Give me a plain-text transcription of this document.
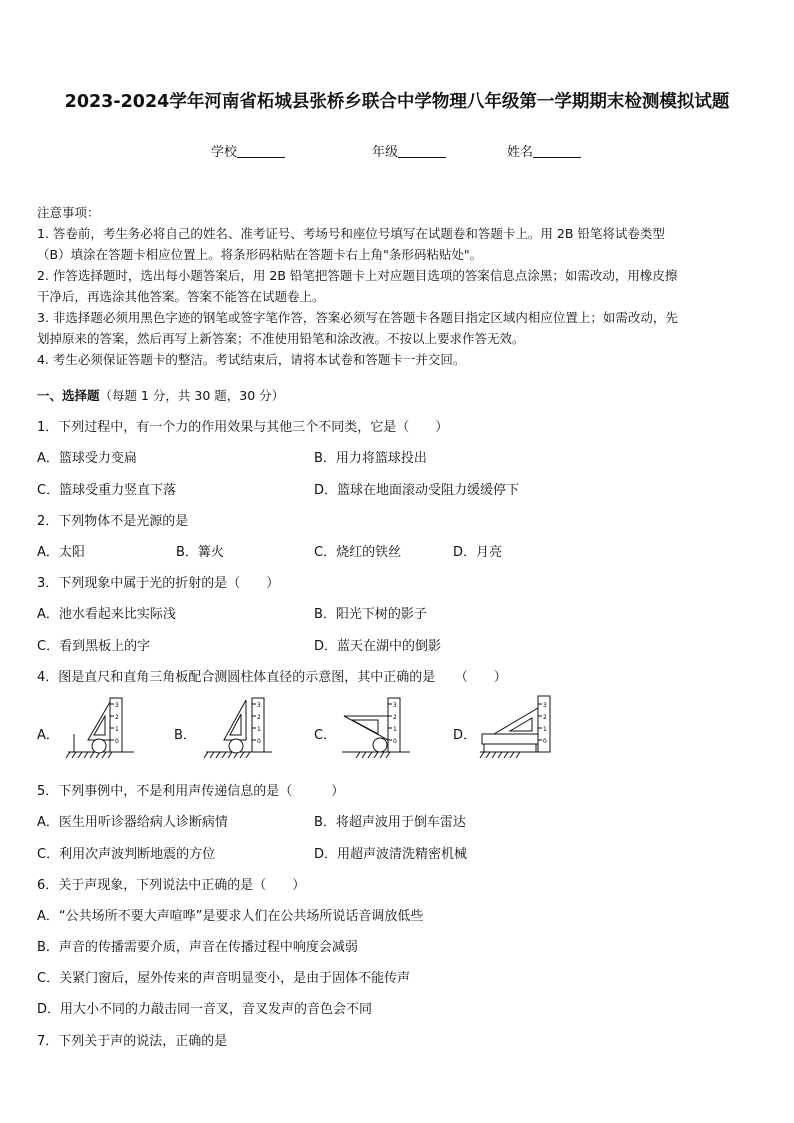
2023-2024学年河南省柘城县张桥乡联合中学物理八年级第一学期期末检测模拟试题
学校	年级	姓名

注意事项：

1. 答卷前，考生务必将自己的姓名、准考证号、考场号和座位号填写在试题卷和答题卡上。用 2B 铅笔将试卷类型

（B）填涂在答题卡相应位置上。将条形码粘贴在答题卡右上角"条形码粘贴处"。

2. 作答选择题时，选出每小题答案后，用 2B 铅笔把答题卡上对应题目选项的答案信息点涂黑；如需改动，用橡皮擦

干净后，再选涂其他答案。答案不能答在试题卷上。

3. 非选择题必须用黑色字迹的钢笔或签字笔作答，答案必须写在答题卡各题目指定区域内相应位置上；如需改动，先

划掉原来的答案，然后再写上新答案；不准使用铅笔和涂改液。不按以上要求作答无效。

4. 考生必须保证答题卡的整洁。考试结束后，请将本试卷和答题卡一并交回。

一、选择题（每题 1 分，共 30 题，30 分）
1．下列过程中，有一个力的作用效果与其他三个不同类，它是（　　）
A．篮球受力变扁	B．用力将篮球投出
C．篮球受重力竖直下落	D．篮球在地面滚动受阻力缓缓停下
2．下列物体不是光源的是
A．太阳	B．篝火	C．烧红的铁丝	D．月亮
3．下列现象中属于光的折射的是（　　）
A．池水看起来比实际浅	B．阳光下树的影子
C．看到黑板上的字	D．蓝天在湖中的倒影
4．图是直尺和直角三角板配合测圆柱体直径的示意图，其中正确的是　　（　　）
A．
3
2
1
0	B．
3
2
1
0	C．
3
2
1
0	D．
3
2
1
0
5．下列事例中，不是利用声传递信息的是（　　　）
A．医生用听诊器给病人诊断病情	B．将超声波用于倒车雷达
C．利用次声波判断地震的方位	D．用超声波清洗精密机械
6．关于声现象，下列说法中正确的是（　　）
A．“公共场所不要大声喧哗”是要求人们在公共场所说话音调放低些
B．声音的传播需要介质，声音在传播过程中响度会减弱
C．关紧门窗后，屋外传来的声音明显变小，是由于固体不能传声
D．用大小不同的力敲击同一音叉，音叉发声的音色会不同
7．下列关于声的说法，正确的是
